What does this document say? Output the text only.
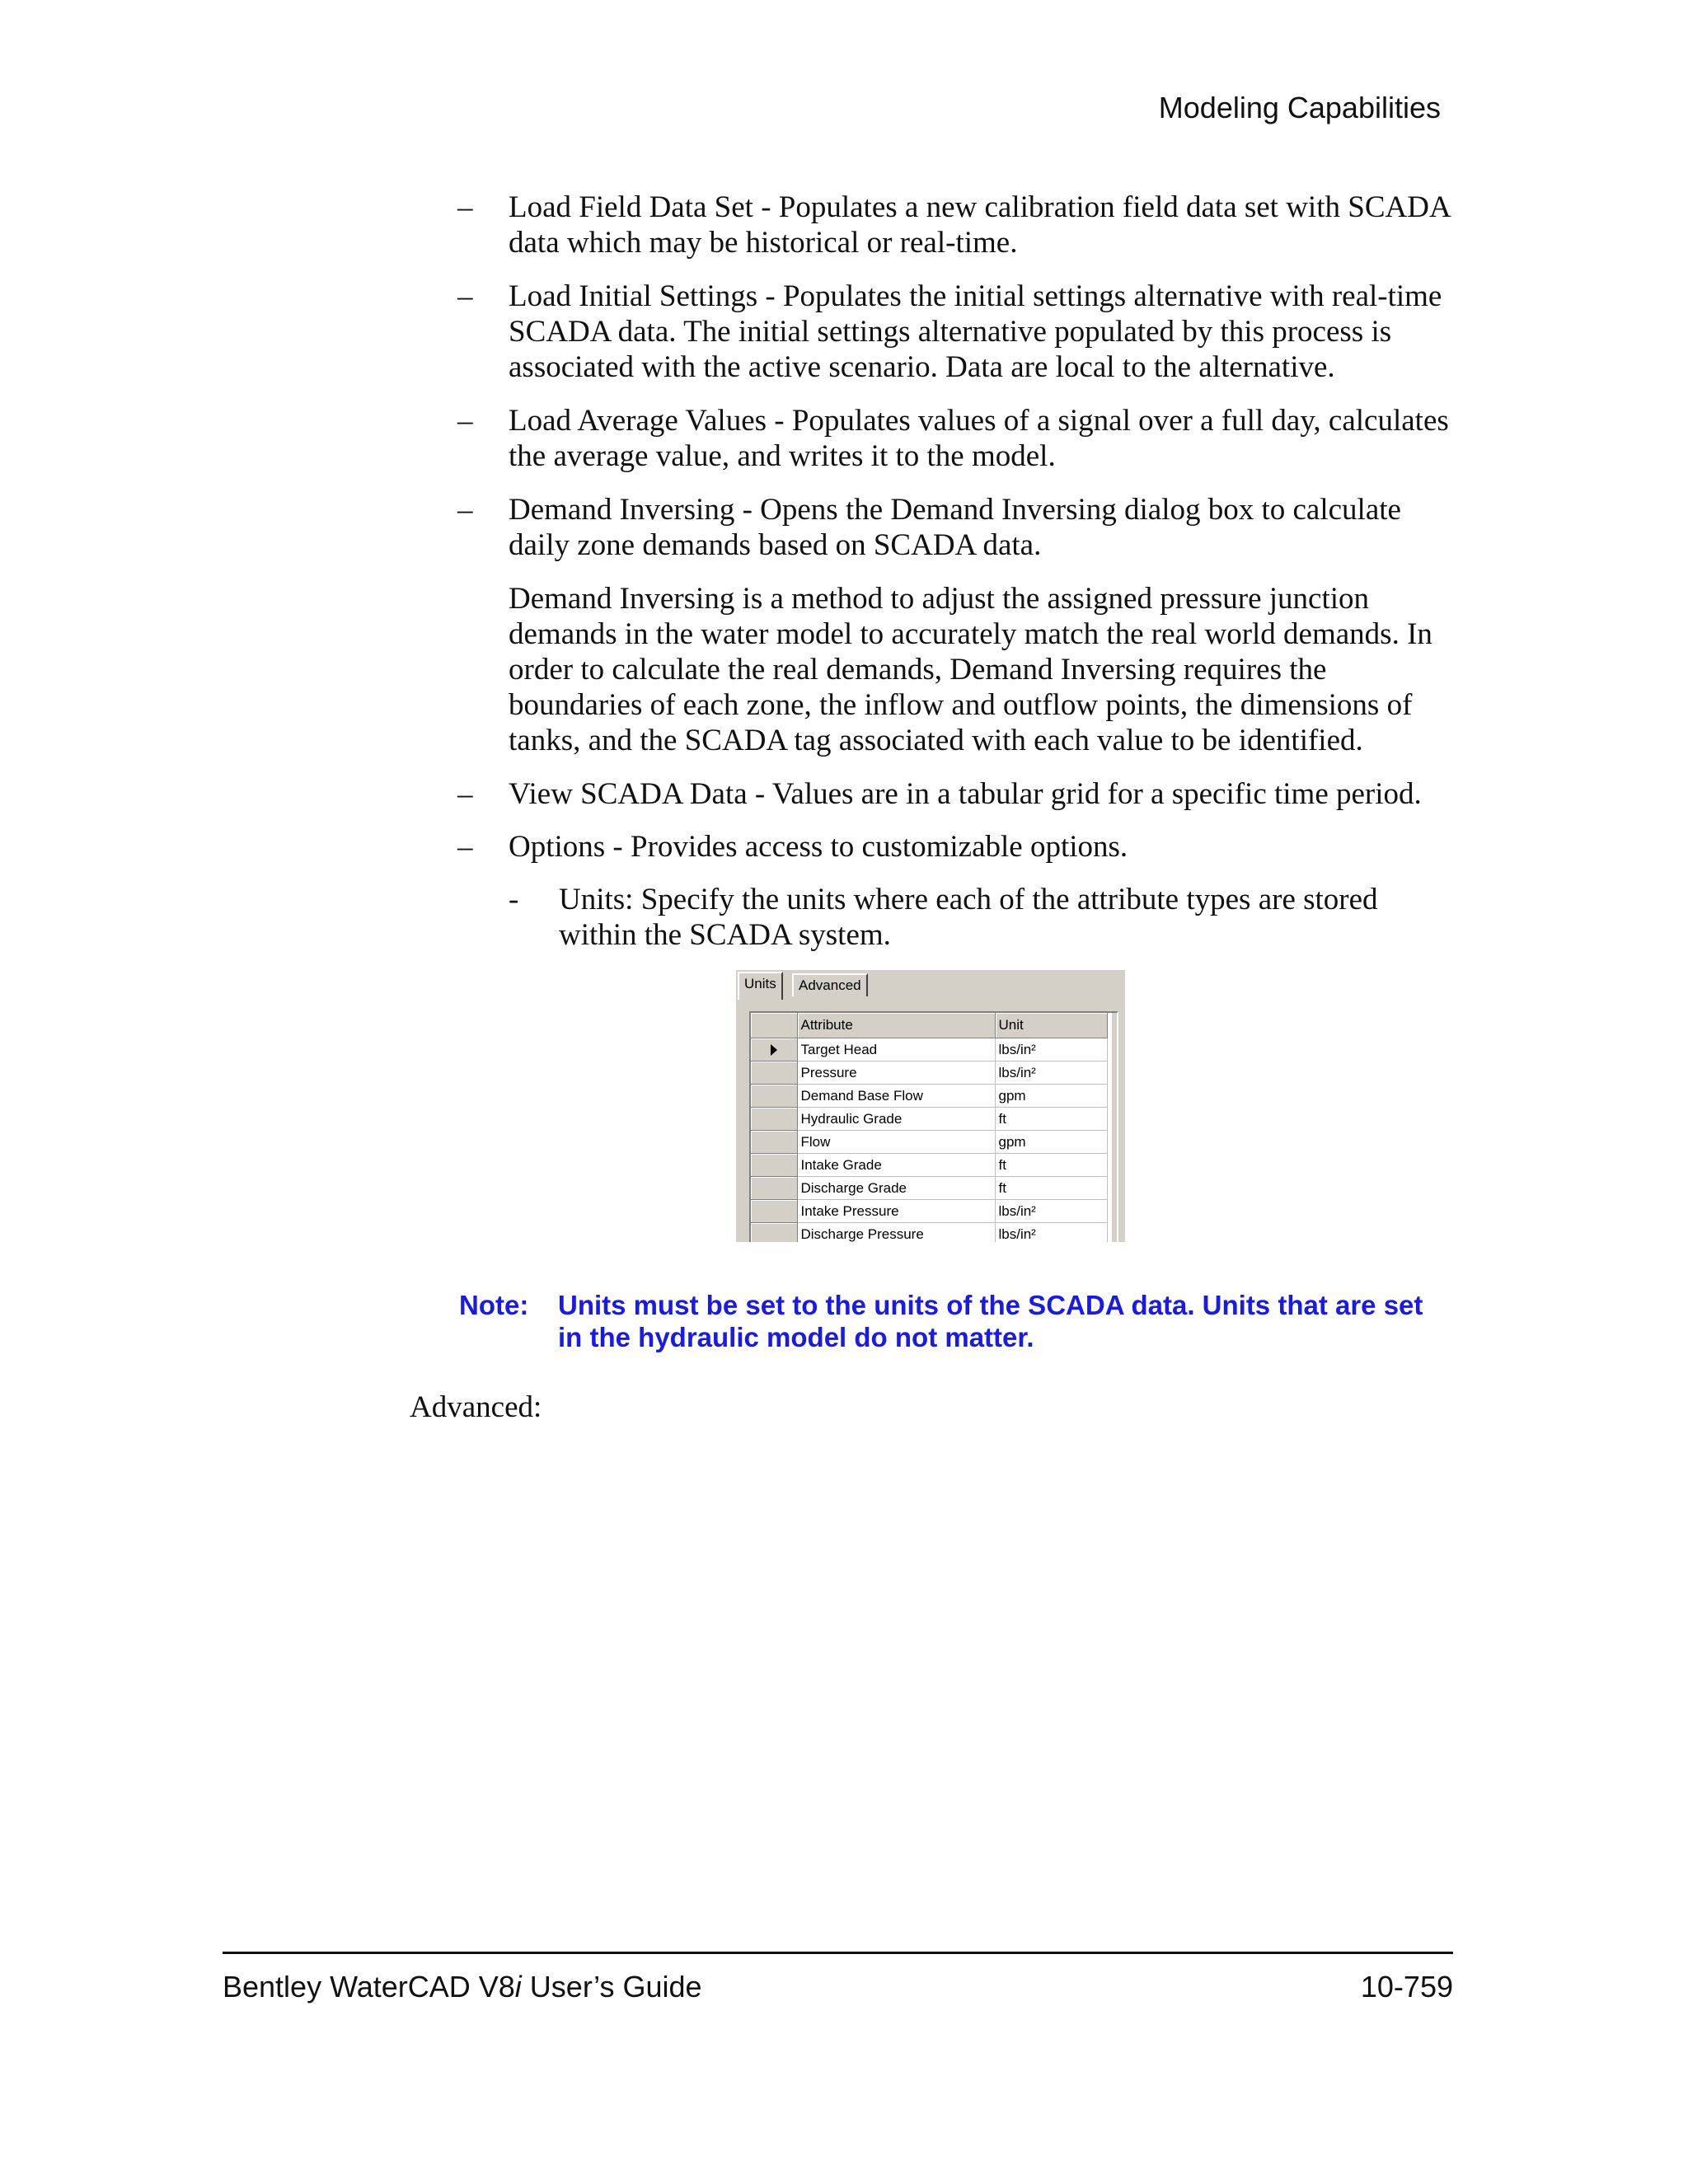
Modeling Capabilities
–	Load Field Data Set - Populates a new calibration field data set with SCADA data which may be historical or real-time.
–	Load Initial Settings - Populates the initial settings alternative with real-time SCADA data. The initial settings alternative populated by this process is associated with the active scenario. Data are local to the alternative.
–	Load Average Values - Populates values of a signal over a full day, calculates the average value, and writes it to the model.
–	Demand Inversing - Opens the Demand Inversing dialog box to calculate daily zone demands based on SCADA data.
Demand Inversing is a method to adjust the assigned pressure junction demands in the water model to accurately match the real world demands. In order to calculate the real demands, Demand Inversing requires the boundaries of each zone, the inflow and outflow points, the dimensions of tanks, and the SCADA tag associated with each value to be identified.
–	View SCADA Data - Values are in a tabular grid for a specific time period.
–	Options - Provides access to customizable options.
-	Units: Specify the units where each of the attribute types are stored within the SCADA system.
Units	Advanced
	Attribute	Unit
	Target Head	lbs/in²
	Pressure	lbs/in²
	Demand Base Flow	gpm
	Hydraulic Grade	ft
	Flow	gpm
	Intake Grade	ft
	Discharge Grade	ft
	Intake Pressure	lbs/in²
	Discharge Pressure	lbs/in²
Note:	Units must be set to the units of the SCADA data. Units that are set in the hydraulic model do not matter.
Advanced:
Bentley WaterCAD V8i User’s Guide	10-759
